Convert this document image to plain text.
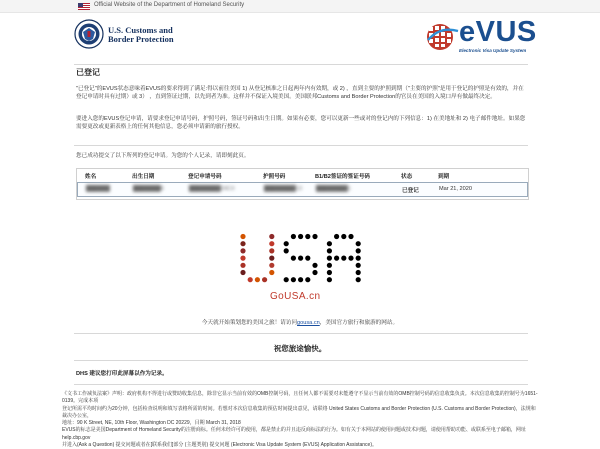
Official Website of the Department of Homeland Security
U.S. Customs and
Border Protection	eVUS
Electronic Visa Update System
已登记
"已登记"的EVUS状态意味着EVUS的要求得到了满足:得以前往美国 1) 从登记核准之日起两年内有效期，或 2) ，直到主要的护照到期（"主要的护照"是用于登记的护照是有效的，并在登记申请时具有过期）或 3） ，直到签证过期，以先到者为准。这样并不保证入境美国。美国联邦Customs and Border Protection的官员在美国的入境口岸有做最终决定。
要进入您的EVUS登记申请，请要求登记申请号码，护照号码，签证号码和出生日期。如果有必要，您可以更新一些或对的登记内的下列信息：1) 在美地址和 2) 电子邮件地址。如果您需要更改或更新表格上的任何其他信息，您必须申请新的旅行授权。
您已成功提交了以下所列的登记申请。为您的个人记录，请即刻此页。
姓名	出生日期	登记申请号码	护照号码	B1/B2签证的签证号码	状态	到期
██████	███████6	████████24CX	████████13	████████1	已登记	Mar 21, 2020
GoUSA.cn
今天就开始策划您的美国之旅！请访问gousa.cn，美国官方旅行和旅游的网站。
祝您旅途愉快。
DHS 建议您打印此屏幕以作为记录。
《文书工作减负法案》声明：政府机构不得进行或赞助收集信息，除非它显示当前有效的OMB控制号码，且任何人都不需要对未能遵守不显示当前有效的OMB控制号码的信息收集负责。本次信息收集的控制号为1651-0139。完成本项
登记所需平均时间约为20分钟，包括检查说明和填写表格所需的时间。若想对本次信息收集的预估时间提出意见，请联络 United States Customs and Border Protection (U.S. Customs and Border Protection)，法规和裁决办公室，
地址：90 K Street, NE, 10th Floor, Washington DC 20229，目期 March 31, 2018
EVUS的标志是美国Department of Homeland Security的注册商标。任何未经许可的使用，都是禁止的并且违反商标法的行为。如有关于本网站的使用问题或技术问题，请使用帮助功能、或联系至电子邮箱，网址help.cbp.gov
并进入(Ask a Question) 提交问题或者在[联系我们]部分 (主题类别) 提交问题 (Electronic Visa Update System (EVUS) Application Assistance)。
